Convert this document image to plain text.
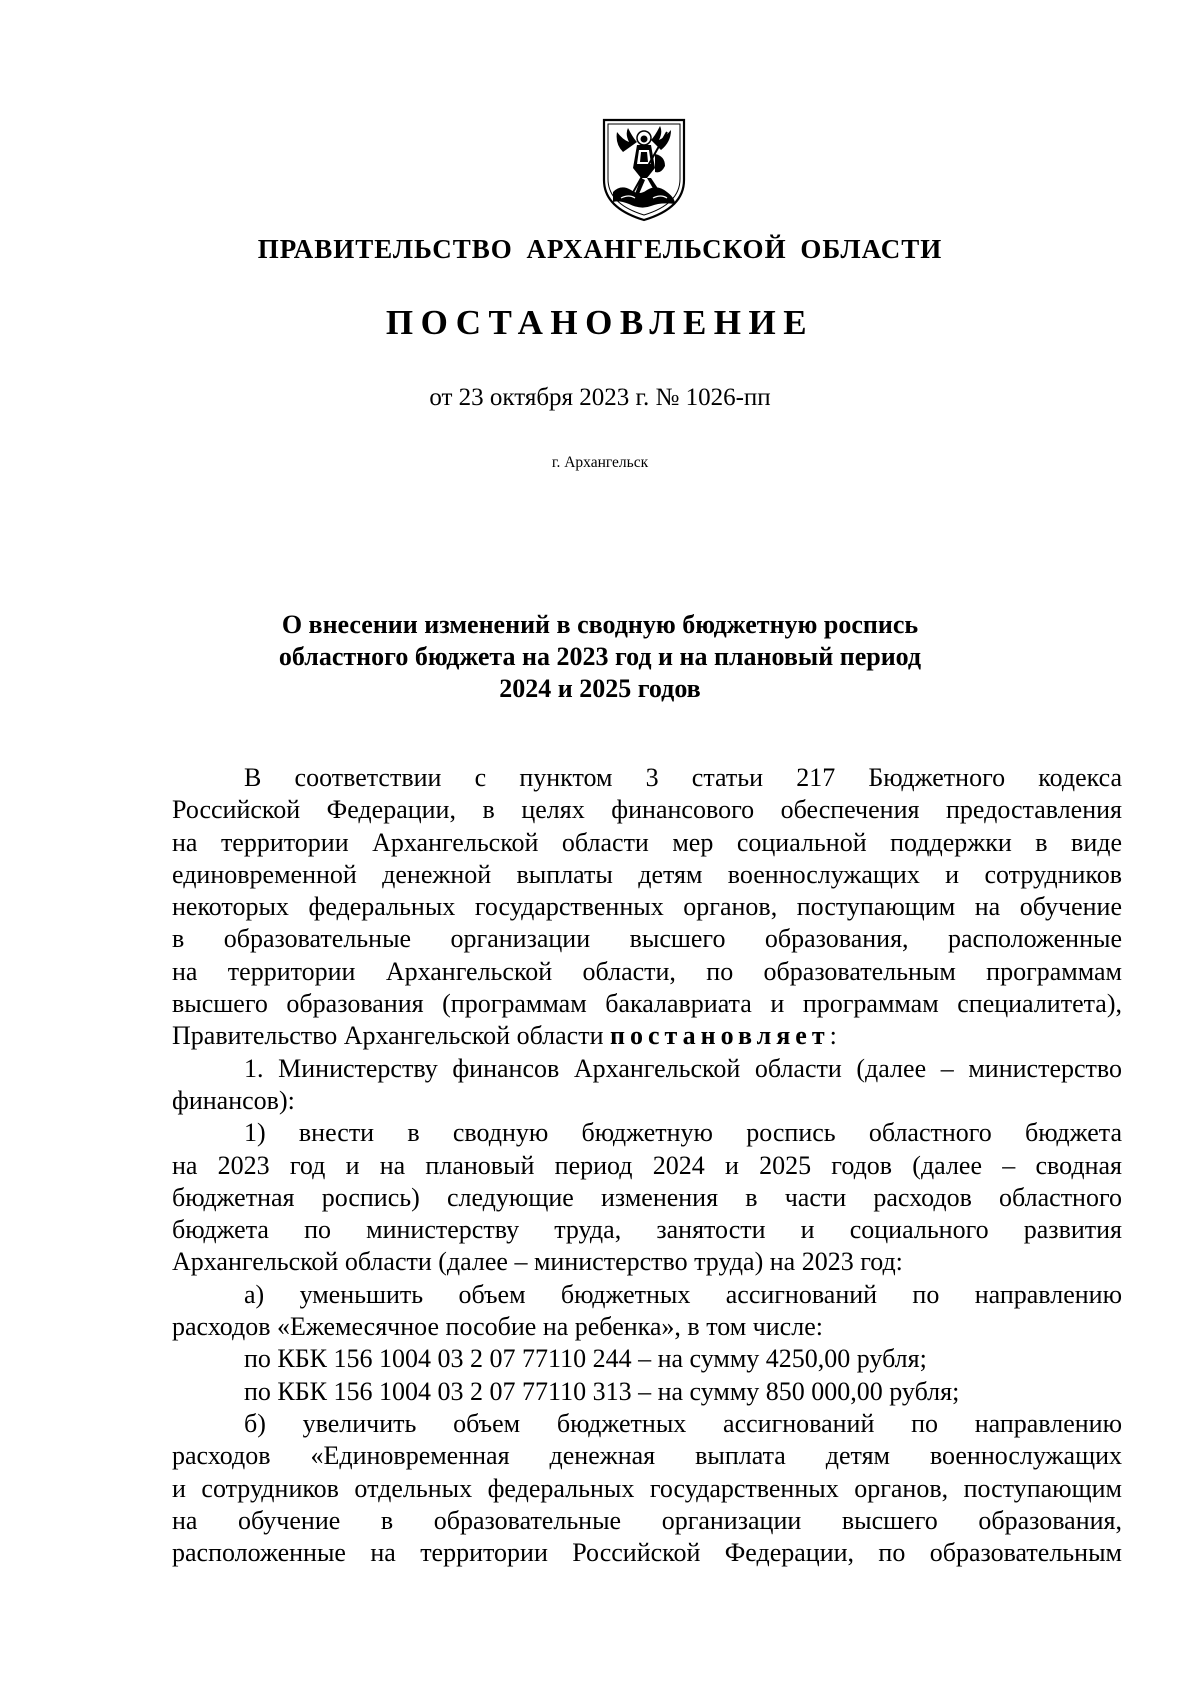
ПРАВИТЕЛЬСТВО АРХАНГЕЛЬСКОЙ ОБЛАСТИ
ПОСТАНОВЛЕНИЕ
от 23 октября 2023 г. № 1026-пп
г. Архангельск
О внесении изменений в сводную бюджетную роспись
областного бюджета на 2023 год и на плановый период
2024 и 2025 годов
В соответствии с пунктом 3 статьи 217 Бюджетного кодекса
Российской Федерации, в целях финансового обеспечения предоставления
на территории Архангельской области мер социальной поддержки в виде
единовременной денежной выплаты детям военнослужащих и сотрудников
некоторых федеральных государственных органов, поступающим на обучение
в образовательные организации высшего образования, расположенные
на территории Архангельской области, по образовательным программам
высшего образования (программам бакалавриата и программам специалитета),
Правительство Архангельской области постановляет:
1. Министерству финансов Архангельской области (далее – министерство
финансов):
1) внести в сводную бюджетную роспись областного бюджета
на 2023 год и на плановый период 2024 и 2025 годов (далее – сводная
бюджетная роспись) следующие изменения в части расходов областного
бюджета по министерству труда, занятости и социального развития
Архангельской области (далее – министерство труда) на 2023 год:
а) уменьшить объем бюджетных ассигнований по направлению
расходов «Ежемесячное пособие на ребенка», в том числе:
по КБК 156 1004 03 2 07 77110 244 – на сумму 4250,00 рубля;
по КБК 156 1004 03 2 07 77110 313 – на сумму 850 000,00 рубля;
б) увеличить объем бюджетных ассигнований по направлению
расходов «Единовременная денежная выплата детям военнослужащих
и сотрудников отдельных федеральных государственных органов, поступающим
на обучение в образовательные организации высшего образования,
расположенные на территории Российской Федерации, по образовательным
